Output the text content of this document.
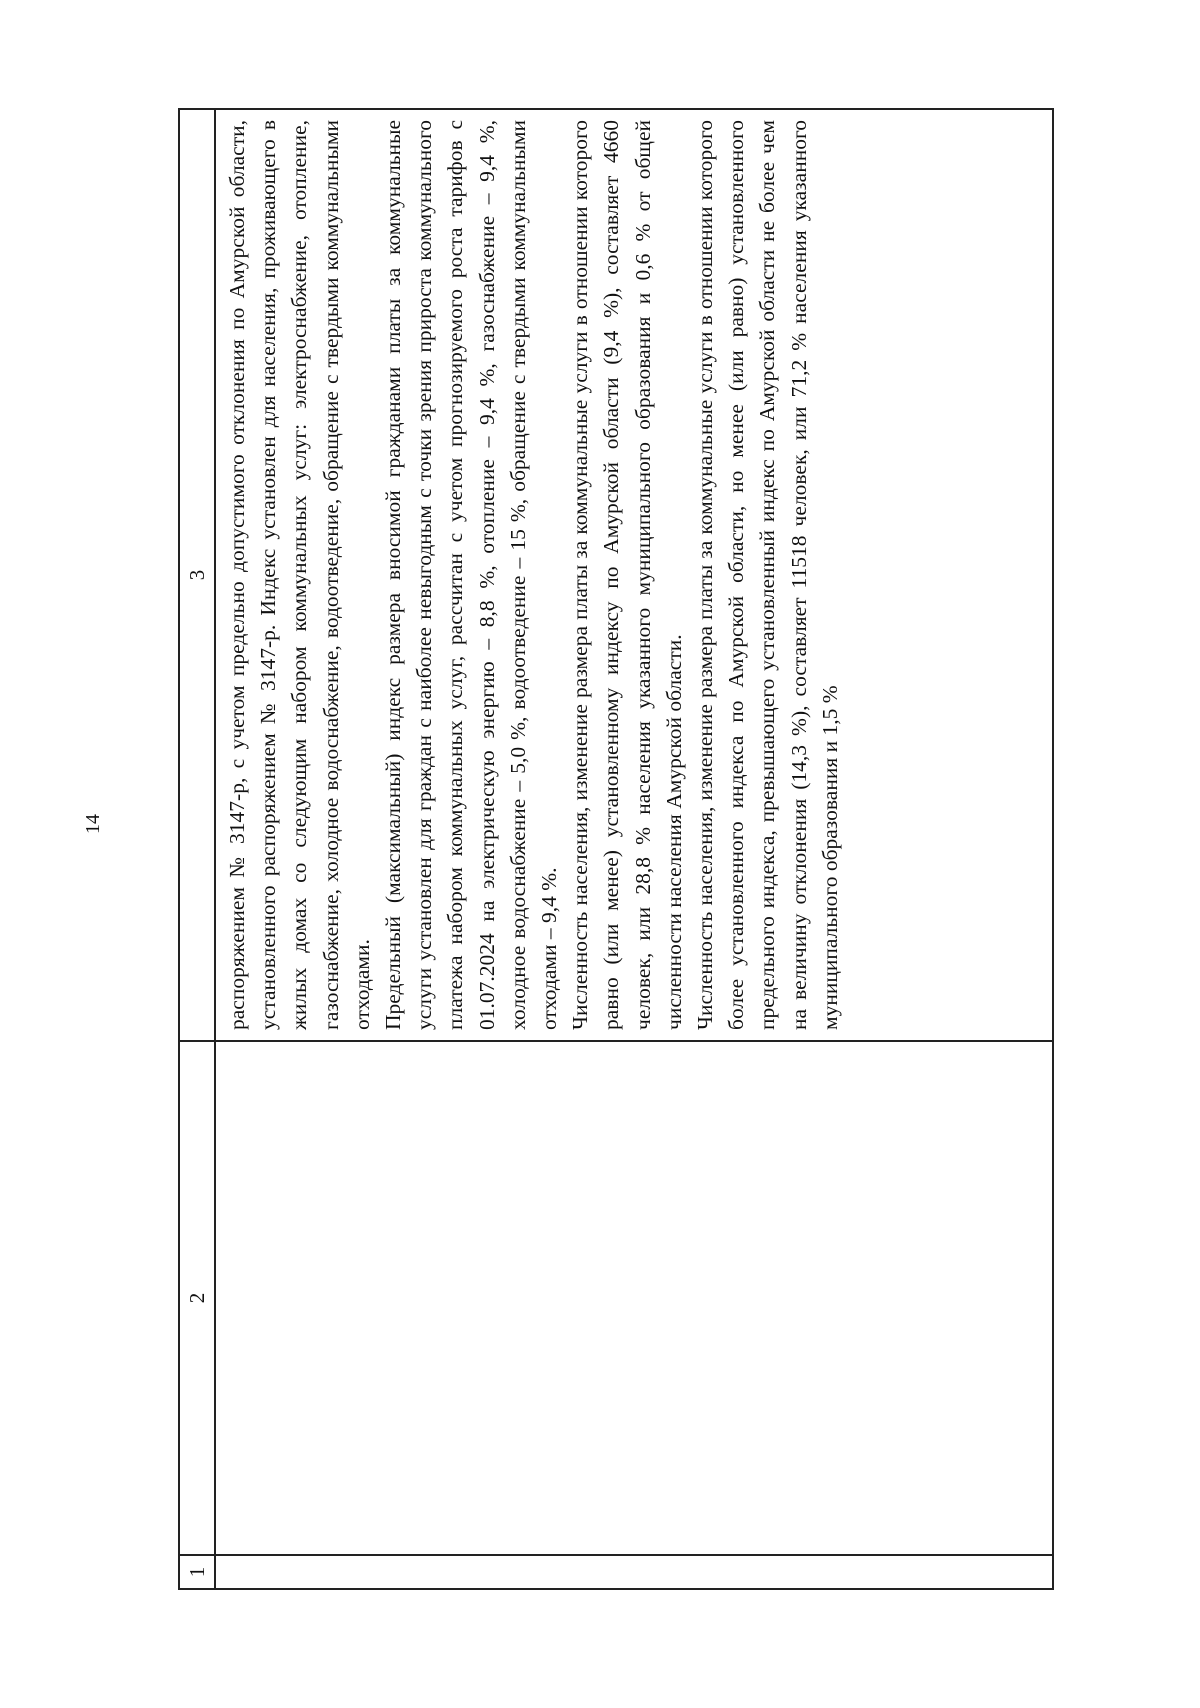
14
1	2	3

		распоряжением № 3147-р, с учетом предельно допустимого отклонения по Амурской области, установленного распоряжением № 3147-р. Индекс установлен для населения, проживающего в жилых домах со следующим набором коммунальных услуг: электроснабжение, отопление, газоснабжение, холодное водоснабжение, водоотведение, обращение с твердыми коммунальными отходами. Предельный (максимальный) индекс размера вносимой гражданами платы за коммунальные услуги установлен для граждан с наиболее невыгодным с точки зрения прироста коммунального платежа набором коммунальных услуг, рассчитан с учетом прогнозируемого роста тарифов с 01.07.2024 на электрическую энергию – 8,8 %, отопление – 9,4 %, газоснабжение – 9,4 %, холодное водоснабжение – 5,0 %, водоотведение – 15 %, обращение с твердыми коммунальными отходами – 9,4 %. Численность населения, изменение размера платы за коммунальные услуги в отношении которого равно (или менее) установленному индексу по Амурской области (9,4 %), составляет 4660 человек, или 28,8 % населения указанного муниципального образования и 0,6 % от общей численности населения Амурской области. Численность населения, изменение размера платы за коммунальные услуги в отношении которого более установленного индекса по Амурской области, но менее (или равно) установленного предельного индекса, превышающего установленный индекс по Амурской области не более чем на величину отклонения (14,3 %), составляет 11518 человек, или 71,2 % населения указанного муниципального образования и 1,5 %
